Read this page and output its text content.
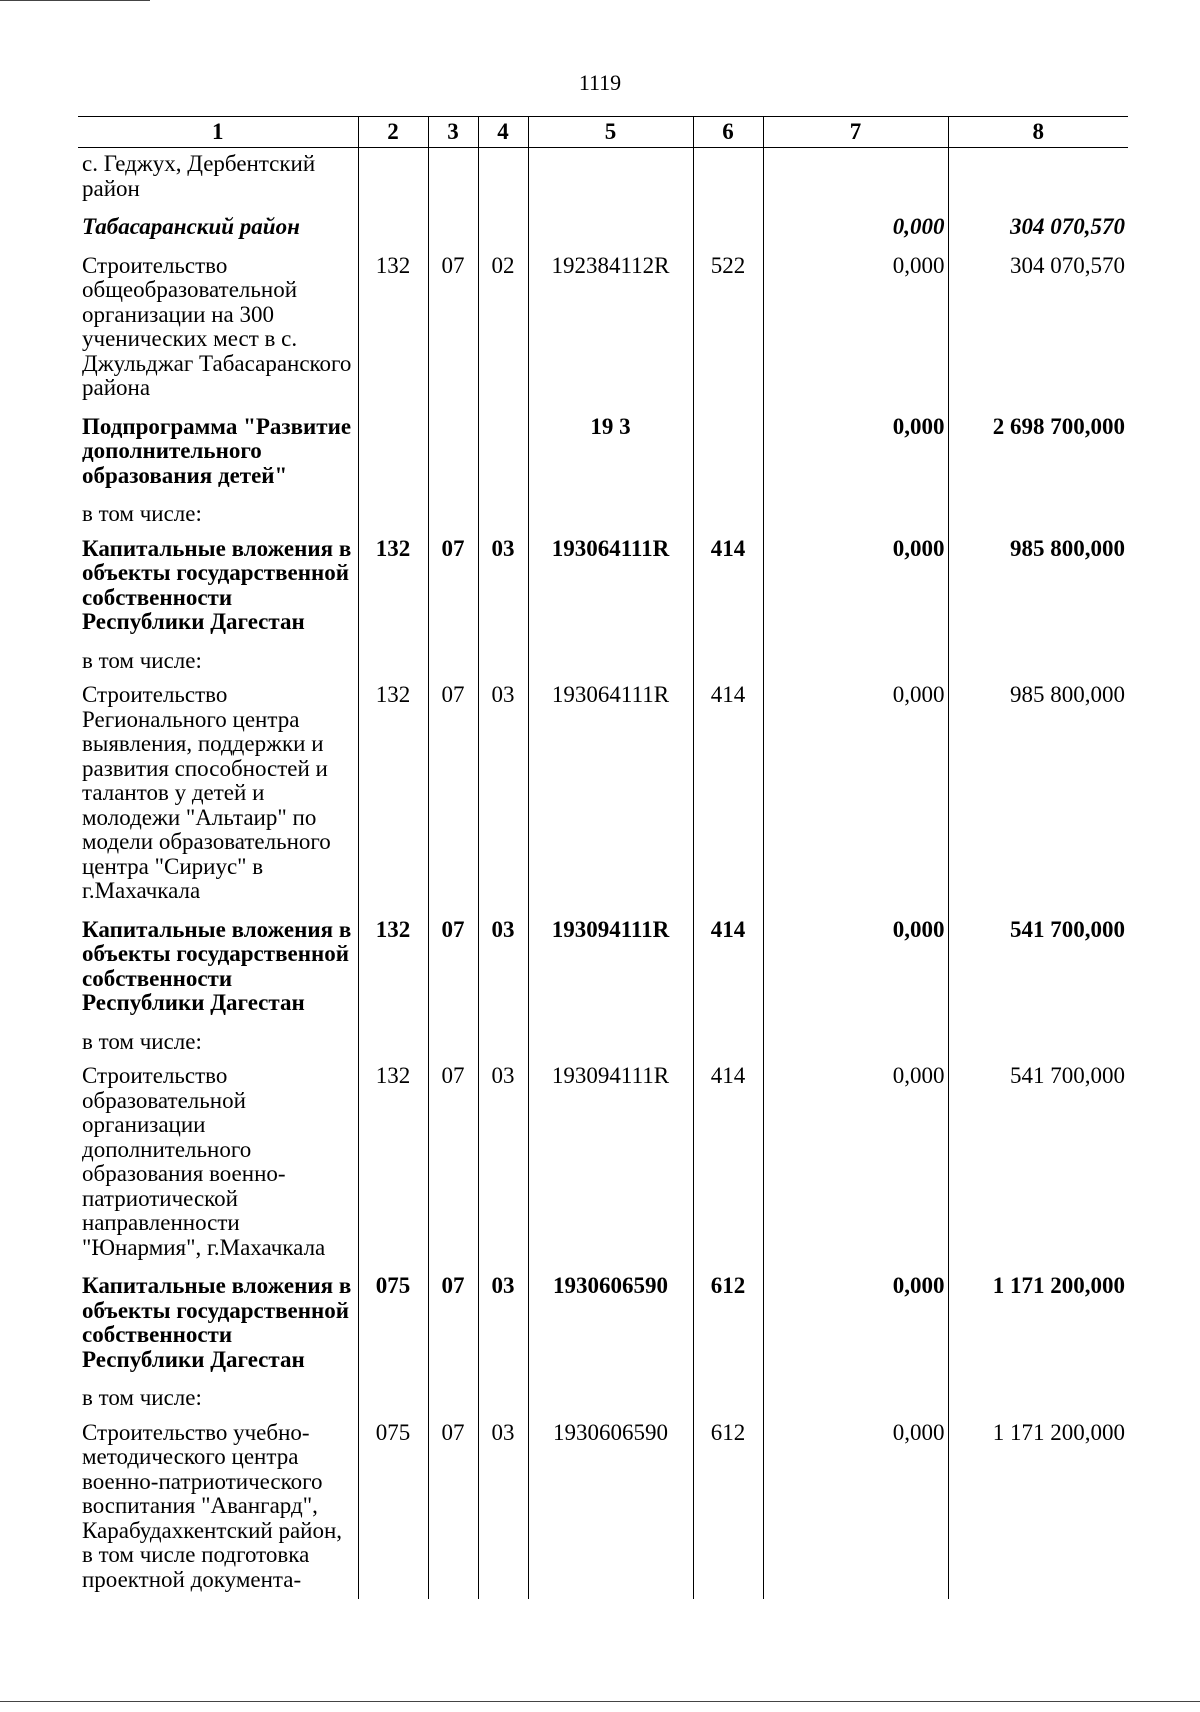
1119
1	2	3	4	5	6	7	8
с. Геджух, Дербентский район							
Табасаранский район						0,000	304 070,570
Строительство общеобразовательной организации на 300 ученических мест в с. Джульджаг Табасаранского района	132	07	02	192384112R	522	0,000	304 070,570
Подпрограмма "Развитие дополнительного образования детей"				19 3		0,000	2 698 700,000
в том числе:							
Капитальные вложения в объекты государственной собственности Республики Дагестан	132	07	03	193064111R	414	0,000	985 800,000
в том числе:							
Строительство Регионального центра выявления, поддержки и развития способностей и талантов у детей и молодежи "Альтаир" по модели образовательного центра "Сириус" в г.Махачкала	132	07	03	193064111R	414	0,000	985 800,000
Капитальные вложения в объекты государственной собственности Республики Дагестан	132	07	03	193094111R	414	0,000	541 700,000
в том числе:							
Строительство образовательной организации дополнительного образования военно-патриотической направленности "Юнармия", г.Махачкала	132	07	03	193094111R	414	0,000	541 700,000
Капитальные вложения в объекты государственной собственности Республики Дагестан	075	07	03	1930606590	612	0,000	1 171 200,000
в том числе:							
Строительство учебно-методического центра военно-патриотического воспитания "Авангард", Карабудахкентский район, в том числе подготовка проектной документа-	075	07	03	1930606590	612	0,000	1 171 200,000
